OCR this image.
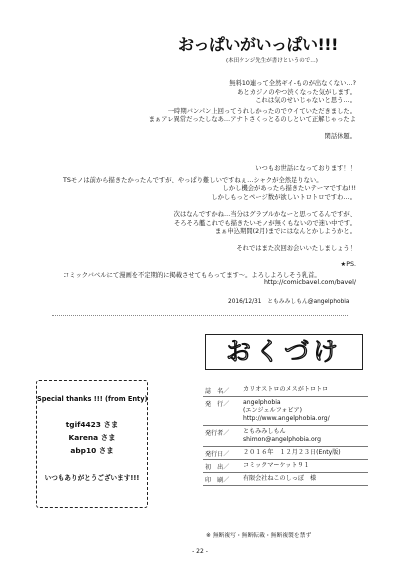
おっぱいがいっぱい!!!
(本田ケンジ先生が書けというので…)
無料10連って全然ギイ-ものが出なくない…?
あとカジノのやつ渋くなった気がします。
これは気のせいじゃないと思う…。
一時期バンパン上回ってうれしかったのでウイていただきました。
まぁアレ異常だったしなあ…アナトさくっとるのしといて正解じゃったよ
閑話休題。
いつもお世話になっております！！
TSモノは前から描きたかったんですが、やっぱり難しいですねぇ…シャクが全然足りない。
しかし機会があったら描きたいテーマですね!!!
しかしもっとページ数が欲しいトロトロですわ…。
次はなんですかね…当分はグラブルかなーと思ってるんですが、
そろそろ艦これでも描きたいモノが無くもないので迷い中です。
まぁ申込期間(2月)までにはなんとかしようかと。
それではまた次回お会いいたしましょう！
★PS.
コミックバベルにて漫画を不定期的に掲載させてもらってます～。よろしよろしそう乳首。
http://comicbavel.com/bavel/
2016/12/31　ともみみしもん@angelphobia
Special thanks !!! (from Enty)
tgif4423 さま
Karena さま
abp10 さま
いつもありがとうございます!!!
おくづけ
誌　名／ カリオストロのメスがトロトロ
発　行／ angelphobia
(エンジェルフォビア)
http://www.angelphobia.org/
発行者／ ともみみしもん
shimon@angelphobia.org
発行日／ ２０１６年　１２月２３日(Enty版)
初　出／ コミックマーケット９１
印　刷／ 有限会社ねこのしっぽ　様
※ 無断複写・無断転載・無断複製を禁ず
- 22 -
